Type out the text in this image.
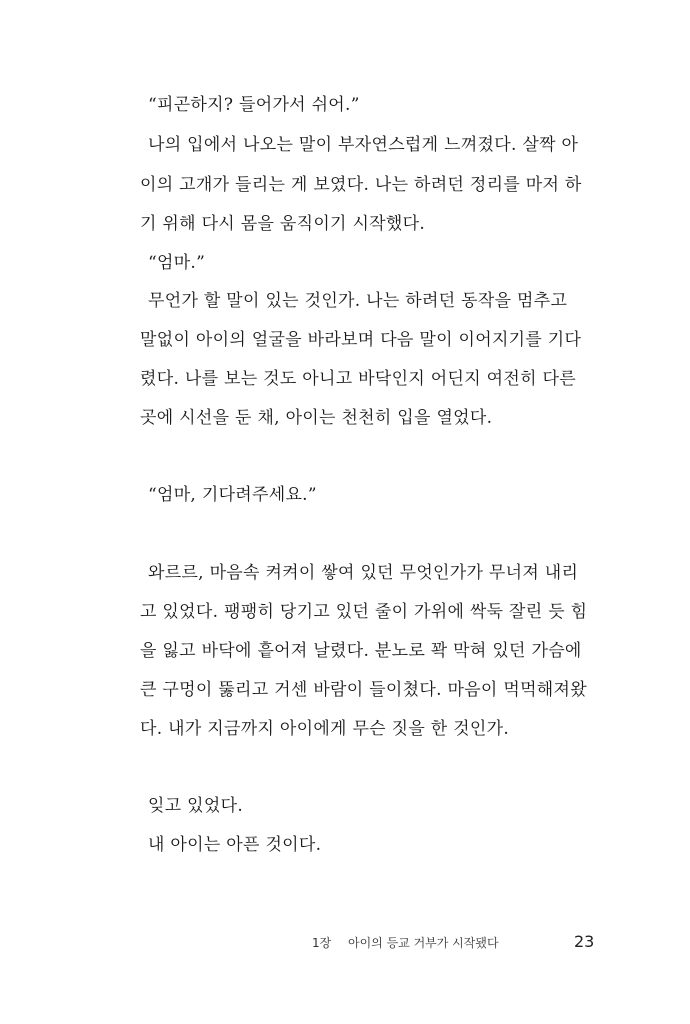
“피곤하지? 들어가서 쉬어.”
나의 입에서 나오는 말이 부자연스럽게 느껴졌다. 살짝 아
이의 고개가 들리는 게 보였다. 나는 하려던 정리를 마저 하
기 위해 다시 몸을 움직이기 시작했다.
“엄마.”
무언가 할 말이 있는 것인가. 나는 하려던 동작을 멈추고
말없이 아이의 얼굴을 바라보며 다음 말이 이어지기를 기다
렸다. 나를 보는 것도 아니고 바닥인지 어딘지 여전히 다른
곳에 시선을 둔 채, 아이는 천천히 입을 열었다.
“엄마, 기다려주세요.”
와르르, 마음속 켜켜이 쌓여 있던 무엇인가가 무너져 내리
고 있었다. 팽팽히 당기고 있던 줄이 가위에 싹둑 잘린 듯 힘
을 잃고 바닥에 흩어져 날렸다. 분노로 꽉 막혀 있던 가슴에
큰 구멍이 뚫리고 거센 바람이 들이쳤다. 마음이 먹먹해져왔
다. 내가 지금까지 아이에게 무슨 짓을 한 것인가.
잊고 있었다.
내 아이는 아픈 것이다.
1장 아이의 등교 거부가 시작됐다	23
